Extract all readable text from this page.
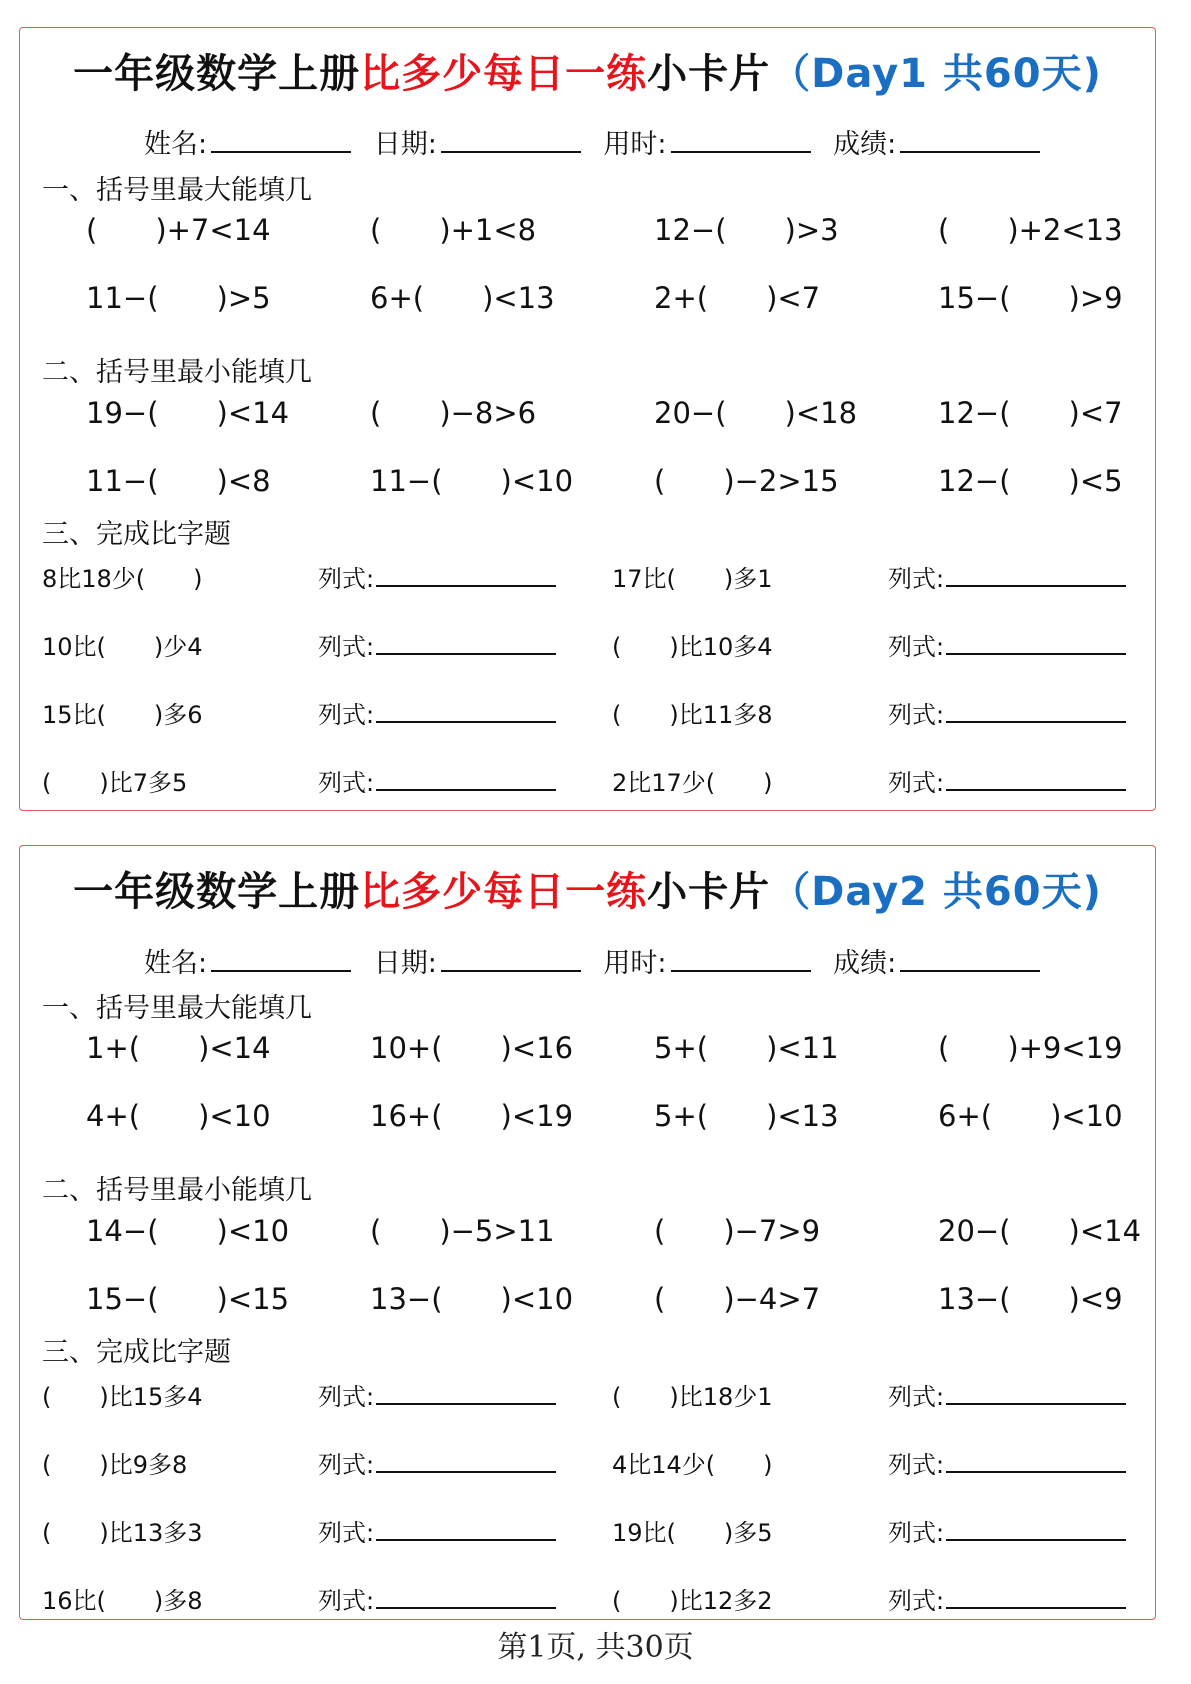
一年级数学上册比多少每日一练小卡片（Day1 共60天)
姓名:	日期:	用时:	成绩:
一、括号里最大能填几
(　　)+7<14	(　　)+1<8	12−(　　)>3	(　　)+2<13
11−(　　)>5	6+(　　)<13	2+(　　)<7	15−(　　)>9
二、括号里最小能填几
19−(　　)<14	(　　)−8>6	20−(　　)<18	12−(　　)<7
11−(　　)<8	11−(　　)<10	(　　)−2>15	12−(　　)<5
三、完成比字题
8比18少(　　)	列式:	17比(　　)多1	列式:
10比(　　)少4	列式:	(　　)比10多4	列式:
15比(　　)多6	列式:	(　　)比11多8	列式:
(　　)比7多5	列式:	2比17少(　　)	列式:
一年级数学上册比多少每日一练小卡片（Day2 共60天)
姓名:	日期:	用时:	成绩:
一、括号里最大能填几
1+(　　)<14	10+(　　)<16	5+(　　)<11	(　　)+9<19
4+(　　)<10	16+(　　)<19	5+(　　)<13	6+(　　)<10
二、括号里最小能填几
14−(　　)<10	(　　)−5>11	(　　)−7>9	20−(　　)<14
15−(　　)<15	13−(　　)<10	(　　)−4>7	13−(　　)<9
三、完成比字题
(　　)比15多4	列式:	(　　)比18少1	列式:
(　　)比9多8	列式:	4比14少(　　)	列式:
(　　)比13多3	列式:	19比(　　)多5	列式:
16比(　　)多8	列式:	(　　)比12多2	列式:
第1页, 共30页
